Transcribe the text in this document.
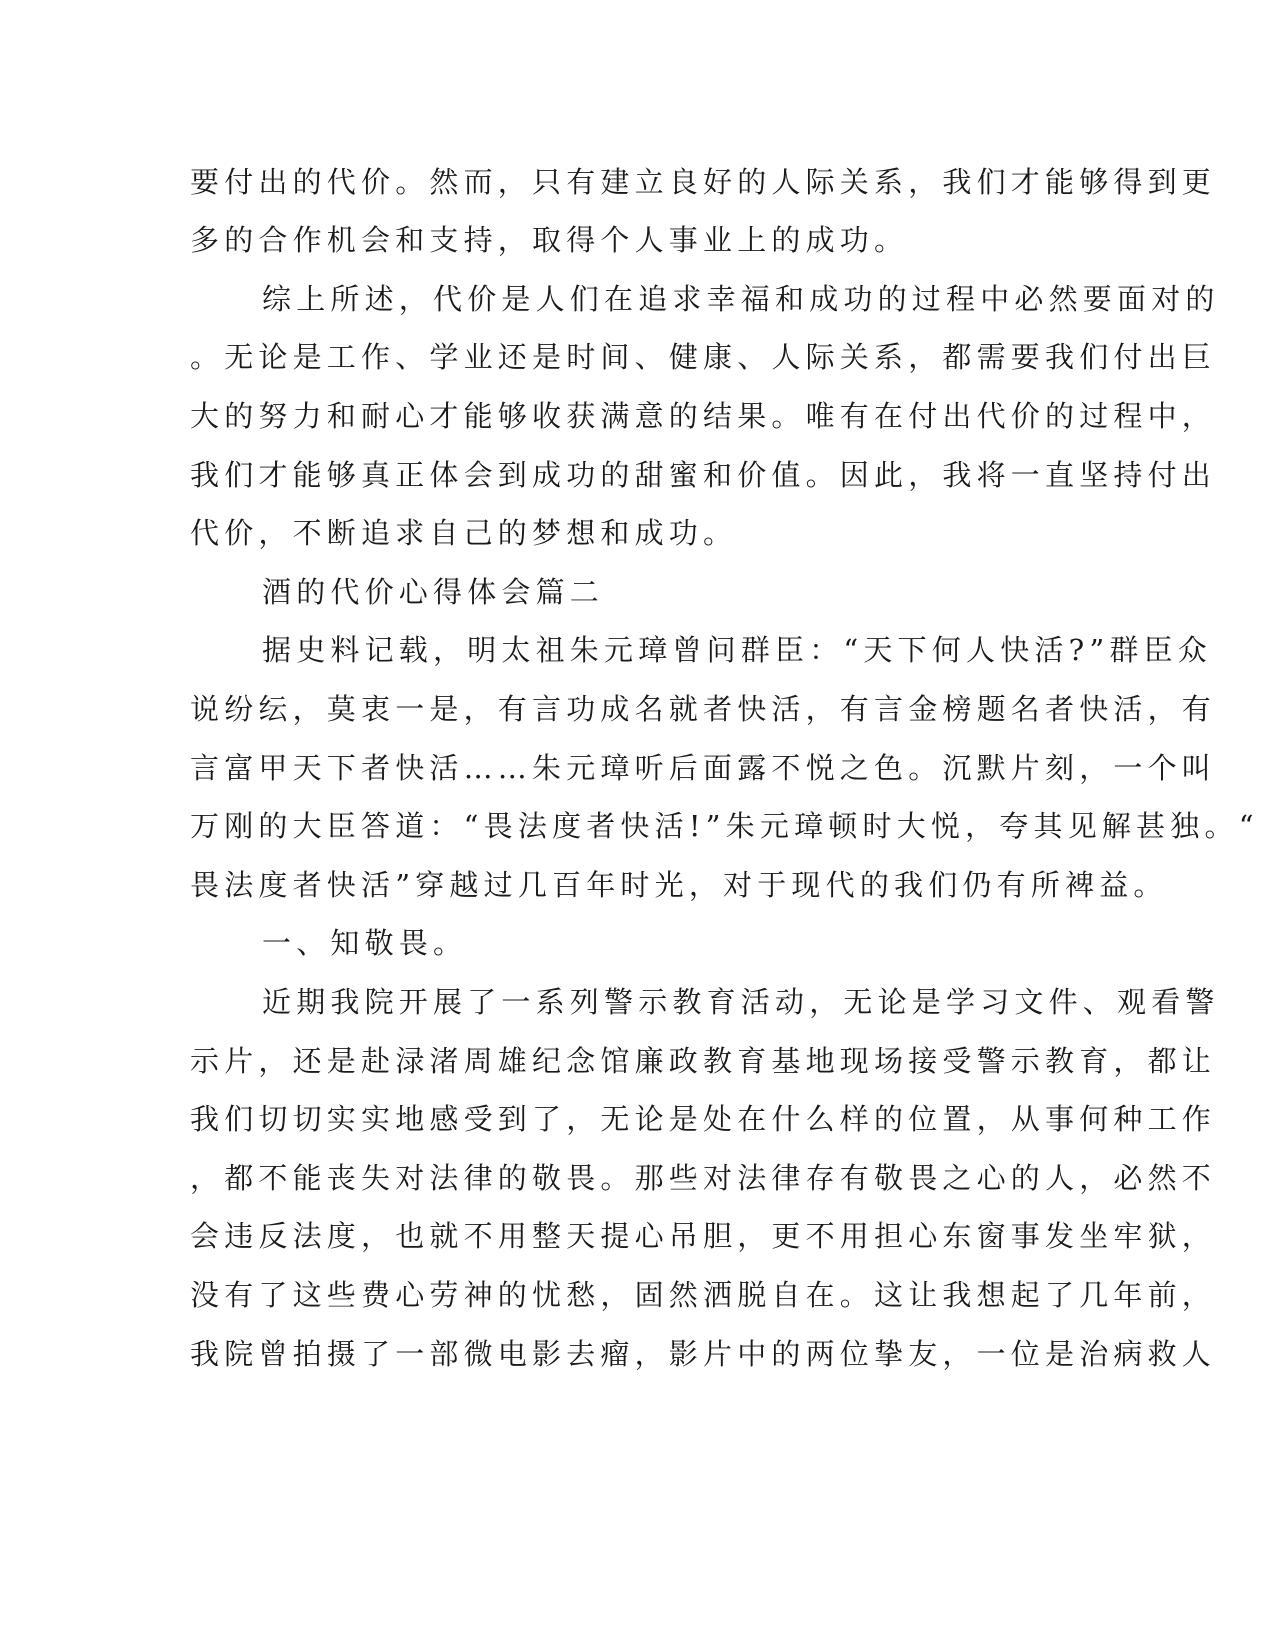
要付出的代价。然而，只有建立良好的人际关系，我们才能够得到更
多的合作机会和支持，取得个人事业上的成功。
综上所述，代价是人们在追求幸福和成功的过程中必然要面对的
。无论是工作、学业还是时间、健康、人际关系，都需要我们付出巨
大的努力和耐心才能够收获满意的结果。唯有在付出代价的过程中，
我们才能够真正体会到成功的甜蜜和价值。因此，我将一直坚持付出
代价，不断追求自己的梦想和成功。
酒的代价心得体会篇二
据史料记载，明太祖朱元璋曾问群臣：“天下何人快活?”群臣众
说纷纭，莫衷一是，有言功成名就者快活，有言金榜题名者快活，有
言富甲天下者快活……朱元璋听后面露不悦之色。沉默片刻，一个叫
万刚的大臣答道：“畏法度者快活!”朱元璋顿时大悦，夸其见解甚独。“
畏法度者快活”穿越过几百年时光，对于现代的我们仍有所裨益。
一、知敬畏。
近期我院开展了一系列警示教育活动，无论是学习文件、观看警
示片，还是赴渌渚周雄纪念馆廉政教育基地现场接受警示教育，都让
我们切切实实地感受到了，无论是处在什么样的位置，从事何种工作
，都不能丧失对法律的敬畏。那些对法律存有敬畏之心的人，必然不
会违反法度，也就不用整天提心吊胆，更不用担心东窗事发坐牢狱，
没有了这些费心劳神的忧愁，固然洒脱自在。这让我想起了几年前，
我院曾拍摄了一部微电影去瘤，影片中的两位挚友，一位是治病救人
